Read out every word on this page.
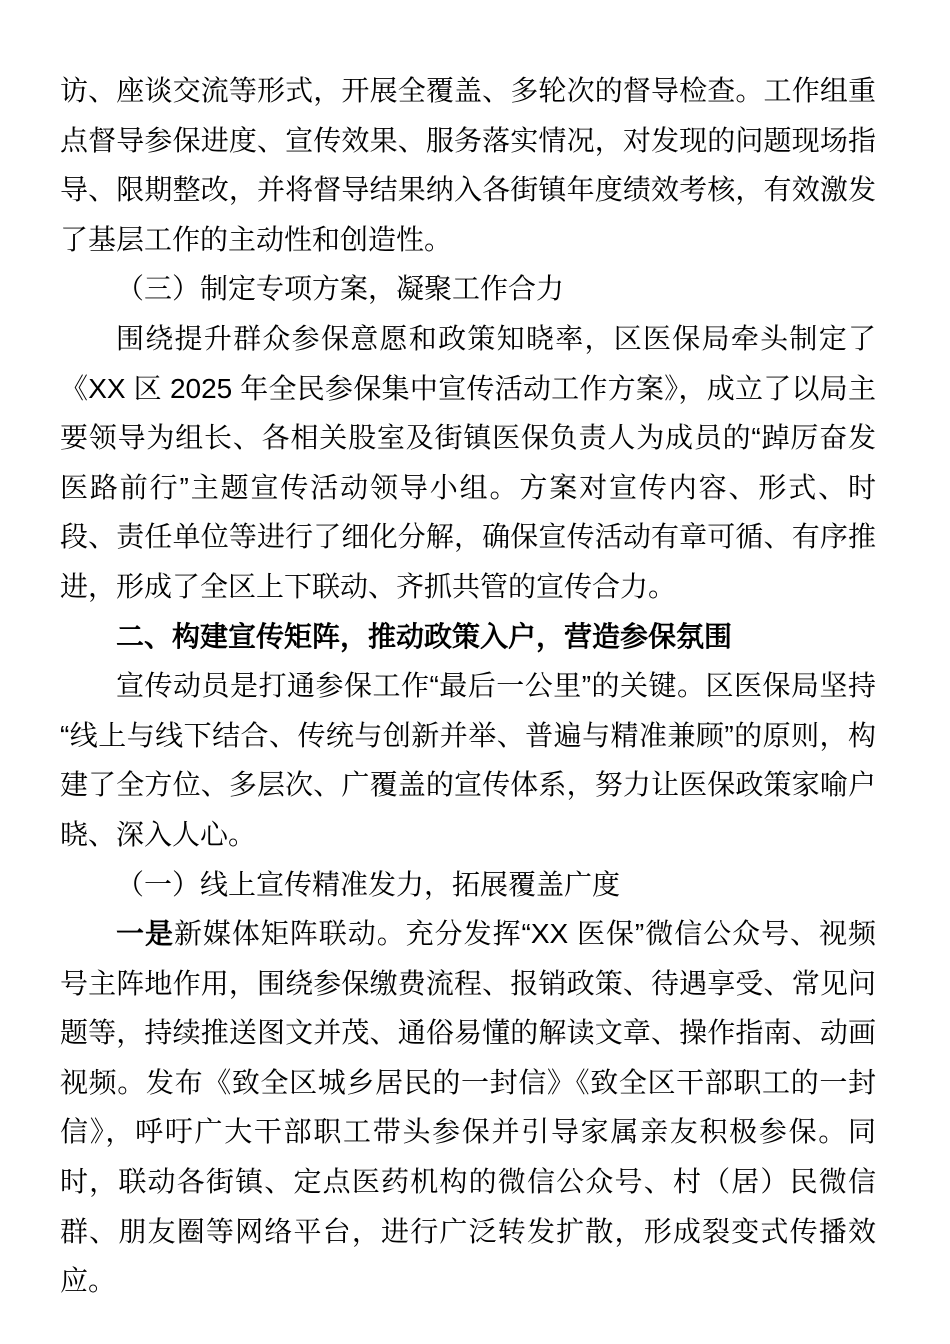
访、座谈交流等形式，开展全覆盖、多轮次的督导检查。工作组重点督导参保进度、宣传效果、服务落实情况，对发现的问题现场指导、限期整改，并将督导结果纳入各街镇年度绩效考核，有效激发了基层工作的主动性和创造性。

（三）制定专项方案，凝聚工作合力

围绕提升群众参保意愿和政策知晓率，区医保局牵头制定了《XX 区 2025 年全民参保集中宣传活动工作方案》，成立了以局主要领导为组长、各相关股室及街镇医保负责人为成员的“踔厉奋发医路前行”主题宣传活动领导小组。方案对宣传内容、形式、时段、责任单位等进行了细化分解，确保宣传活动有章可循、有序推进，形成了全区上下联动、齐抓共管的宣传合力。

二、构建宣传矩阵，推动政策入户，营造参保氛围

宣传动员是打通参保工作“最后一公里”的关键。区医保局坚持“线上与线下结合、传统与创新并举、普遍与精准兼顾”的原则，构建了全方位、多层次、广覆盖的宣传体系，努力让医保政策家喻户晓、深入人心。

（一）线上宣传精准发力，拓展覆盖广度

一是新媒体矩阵联动。充分发挥“XX 医保”微信公众号、视频号主阵地作用，围绕参保缴费流程、报销政策、待遇享受、常见问题等，持续推送图文并茂、通俗易懂的解读文章、操作指南、动画视频。发布《致全区城乡居民的一封信》《致全区干部职工的一封信》，呼吁广大干部职工带头参保并引导家属亲友积极参保。同时，联动各街镇、定点医药机构的微信公众号、村（居）民微信群、朋友圈等网络平台，进行广泛转发扩散，形成裂变式传播效应。
